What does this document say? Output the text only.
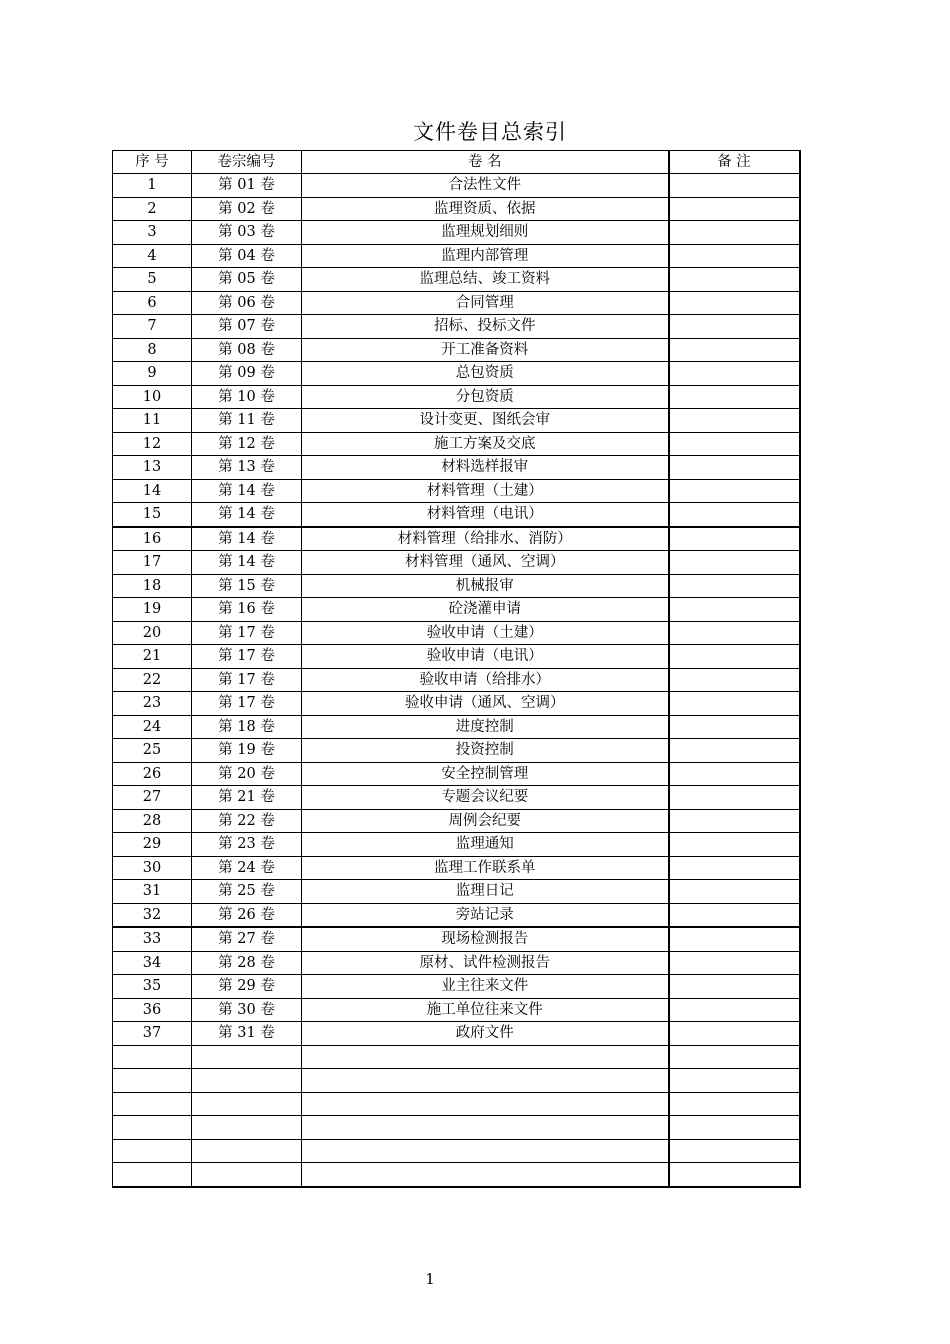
文件卷目总索引
序 号	卷宗编号	卷 名	备 注
1	第 01 卷	合法性文件	
2	第 02 卷	监理资质、依据	
3	第 03 卷	监理规划细则	
4	第 04 卷	监理内部管理	
5	第 05 卷	监理总结、竣工资料	
6	第 06 卷	合同管理	
7	第 07 卷	招标、投标文件	
8	第 08 卷	开工准备资料	
9	第 09 卷	总包资质	
10	第 10 卷	分包资质	
11	第 11 卷	设计变更、图纸会审	
12	第 12 卷	施工方案及交底	
13	第 13 卷	材料选样报审	
14	第 14 卷	材料管理（土建）	
15	第 14 卷	材料管理（电讯）	
16	第 14 卷	材料管理（给排水、消防）	
17	第 14 卷	材料管理（通风、空调）	
18	第 15 卷	机械报审	
19	第 16 卷	砼浇灌申请	
20	第 17 卷	验收申请（土建）	
21	第 17 卷	验收申请（电讯）	
22	第 17 卷	验收申请（给排水）	
23	第 17 卷	验收申请（通风、空调）	
24	第 18 卷	进度控制	
25	第 19 卷	投资控制	
26	第 20 卷	安全控制管理	
27	第 21 卷	专题会议纪要	
28	第 22 卷	周例会纪要	
29	第 23 卷	监理通知	
30	第 24 卷	监理工作联系单	
31	第 25 卷	监理日记	
32	第 26 卷	旁站记录	
33	第 27 卷	现场检测报告	
34	第 28 卷	原材、试件检测报告	
35	第 29 卷	业主往来文件	
36	第 30 卷	施工单位往来文件	
37	第 31 卷	政府文件	

1
